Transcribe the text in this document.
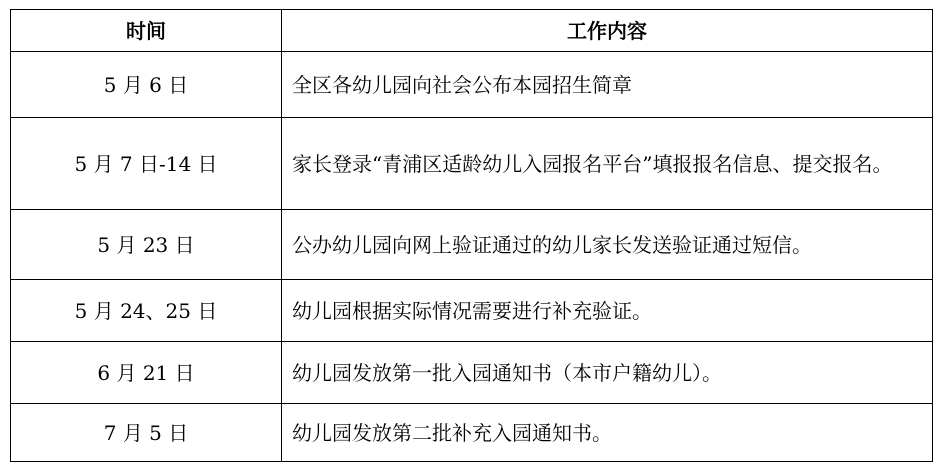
时间	工作内容
5 月 6 日	全区各幼儿园向社会公布本园招生简章
5 月 7 日-14 日	家长登录“青浦区适龄幼儿入园报名平台”填报报名信息、提交报名。
5 月 23 日	公办幼儿园向网上验证通过的幼儿家长发送验证通过短信。
5 月 24、25 日	幼儿园根据实际情况需要进行补充验证。
6 月 21 日	幼儿园发放第一批入园通知书（本市户籍幼儿）。
7 月 5 日	幼儿园发放第二批补充入园通知书。
